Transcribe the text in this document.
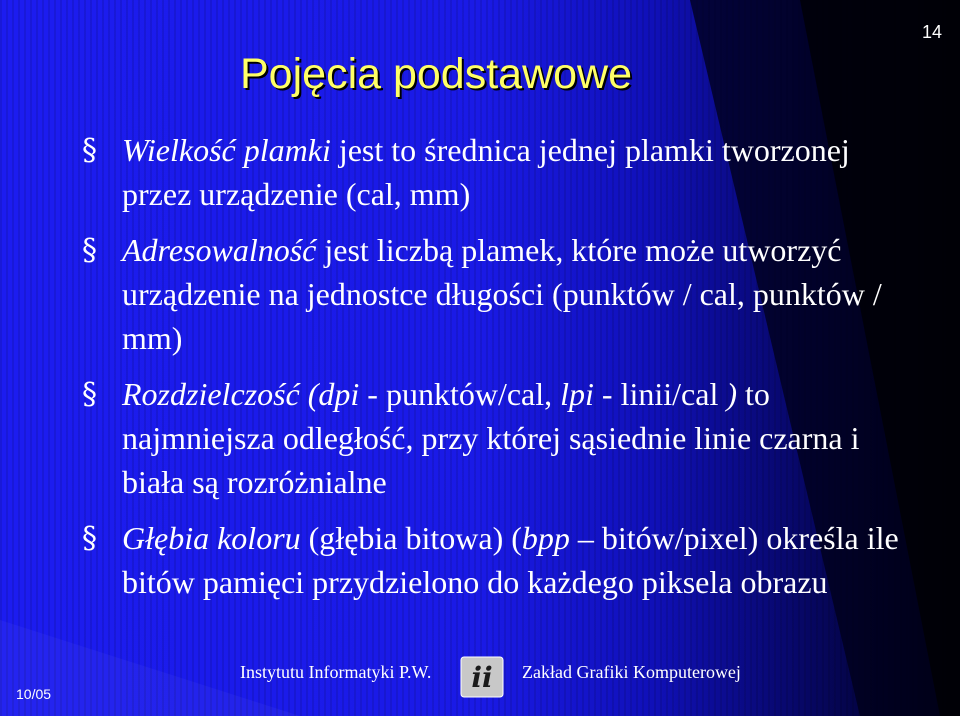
14
Pojęcia podstawowe
§ Wielkość plamki jest to średnica jednej plamki tworzonej przez urządzenie (cal, mm)
§ Adresowalność jest liczbą plamek, które może utworzyć urządzenie na jednostce długości (punktów / cal, punktów / mm)
§ Rozdzielczość (dpi - punktów/cal, lpi - linii/cal ) to najmniejsza odległość, przy której sąsiednie linie czarna i biała są rozróżnialne
§ Głębia koloru (głębia bitowa) (bpp – bitów/pixel) określa ile bitów pamięci przydzielono do każdego piksela obrazu
10/05
Instytutu Informatyki P.W. ii Zakład Grafiki Komputerowej
